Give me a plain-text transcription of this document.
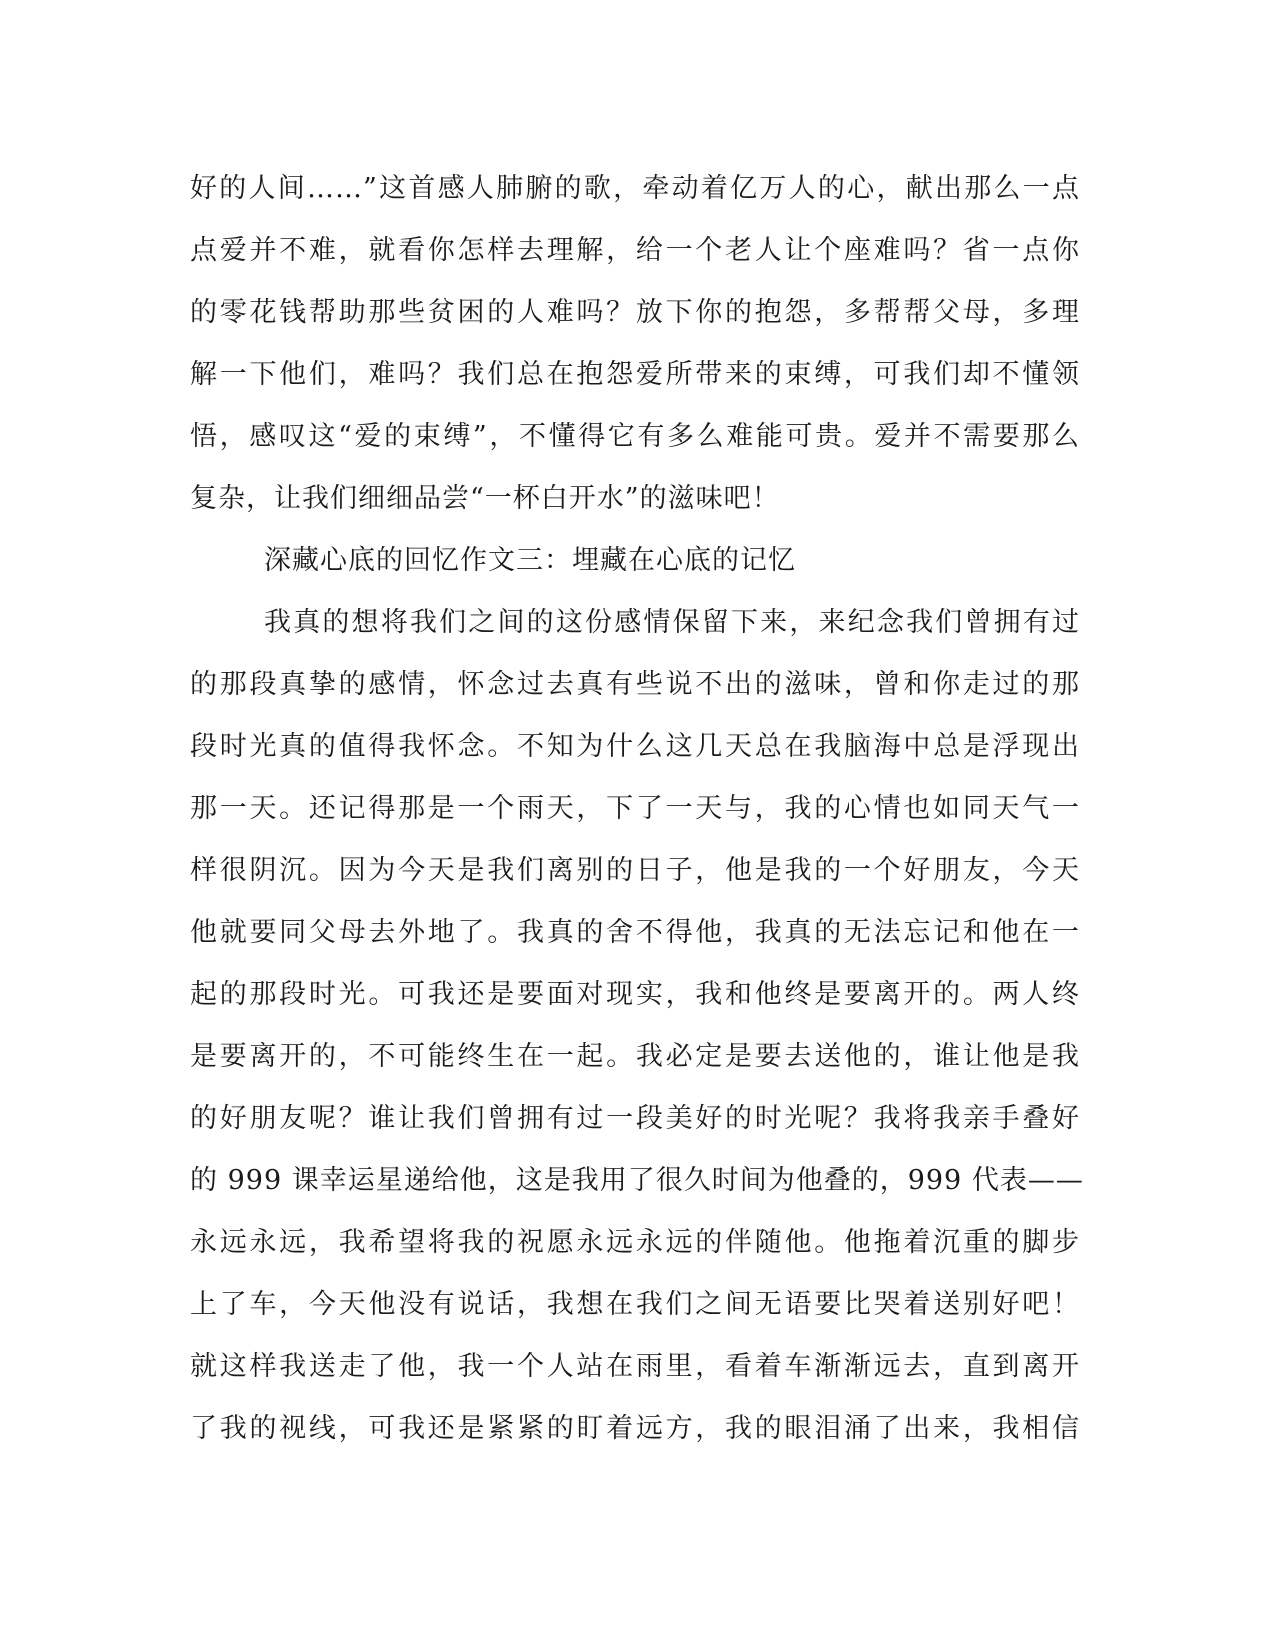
好的人间……”这首感人肺腑的歌，牵动着亿万人的心，献出那么一点
点爱并不难，就看你怎样去理解，给一个老人让个座难吗？省一点你
的零花钱帮助那些贫困的人难吗？放下你的抱怨，多帮帮父母，多理
解一下他们，难吗？我们总在抱怨爱所带来的束缚，可我们却不懂领
悟，感叹这“爱的束缚”，不懂得它有多么难能可贵。爱并不需要那么
复杂，让我们细细品尝“一杯白开水”的滋味吧！
深藏心底的回忆作文三：埋藏在心底的记忆
我真的想将我们之间的这份感情保留下来，来纪念我们曾拥有过
的那段真挚的感情，怀念过去真有些说不出的滋味，曾和你走过的那
段时光真的值得我怀念。不知为什么这几天总在我脑海中总是浮现出
那一天。还记得那是一个雨天，下了一天与，我的心情也如同天气一
样很阴沉。因为今天是我们离别的日子，他是我的一个好朋友，今天
他就要同父母去外地了。我真的舍不得他，我真的无法忘记和他在一
起的那段时光。可我还是要面对现实，我和他终是要离开的。两人终
是要离开的，不可能终生在一起。我必定是要去送他的，谁让他是我
的好朋友呢？谁让我们曾拥有过一段美好的时光呢？我将我亲手叠好
的 999 课幸运星递给他，这是我用了很久时间为他叠的，999 代表——
永远永远，我希望将我的祝愿永远永远的伴随他。他拖着沉重的脚步
上了车，今天他没有说话，我想在我们之间无语要比哭着送别好吧！
就这样我送走了他，我一个人站在雨里，看着车渐渐远去，直到离开
了我的视线，可我还是紧紧的盯着远方，我的眼泪涌了出来，我相信
